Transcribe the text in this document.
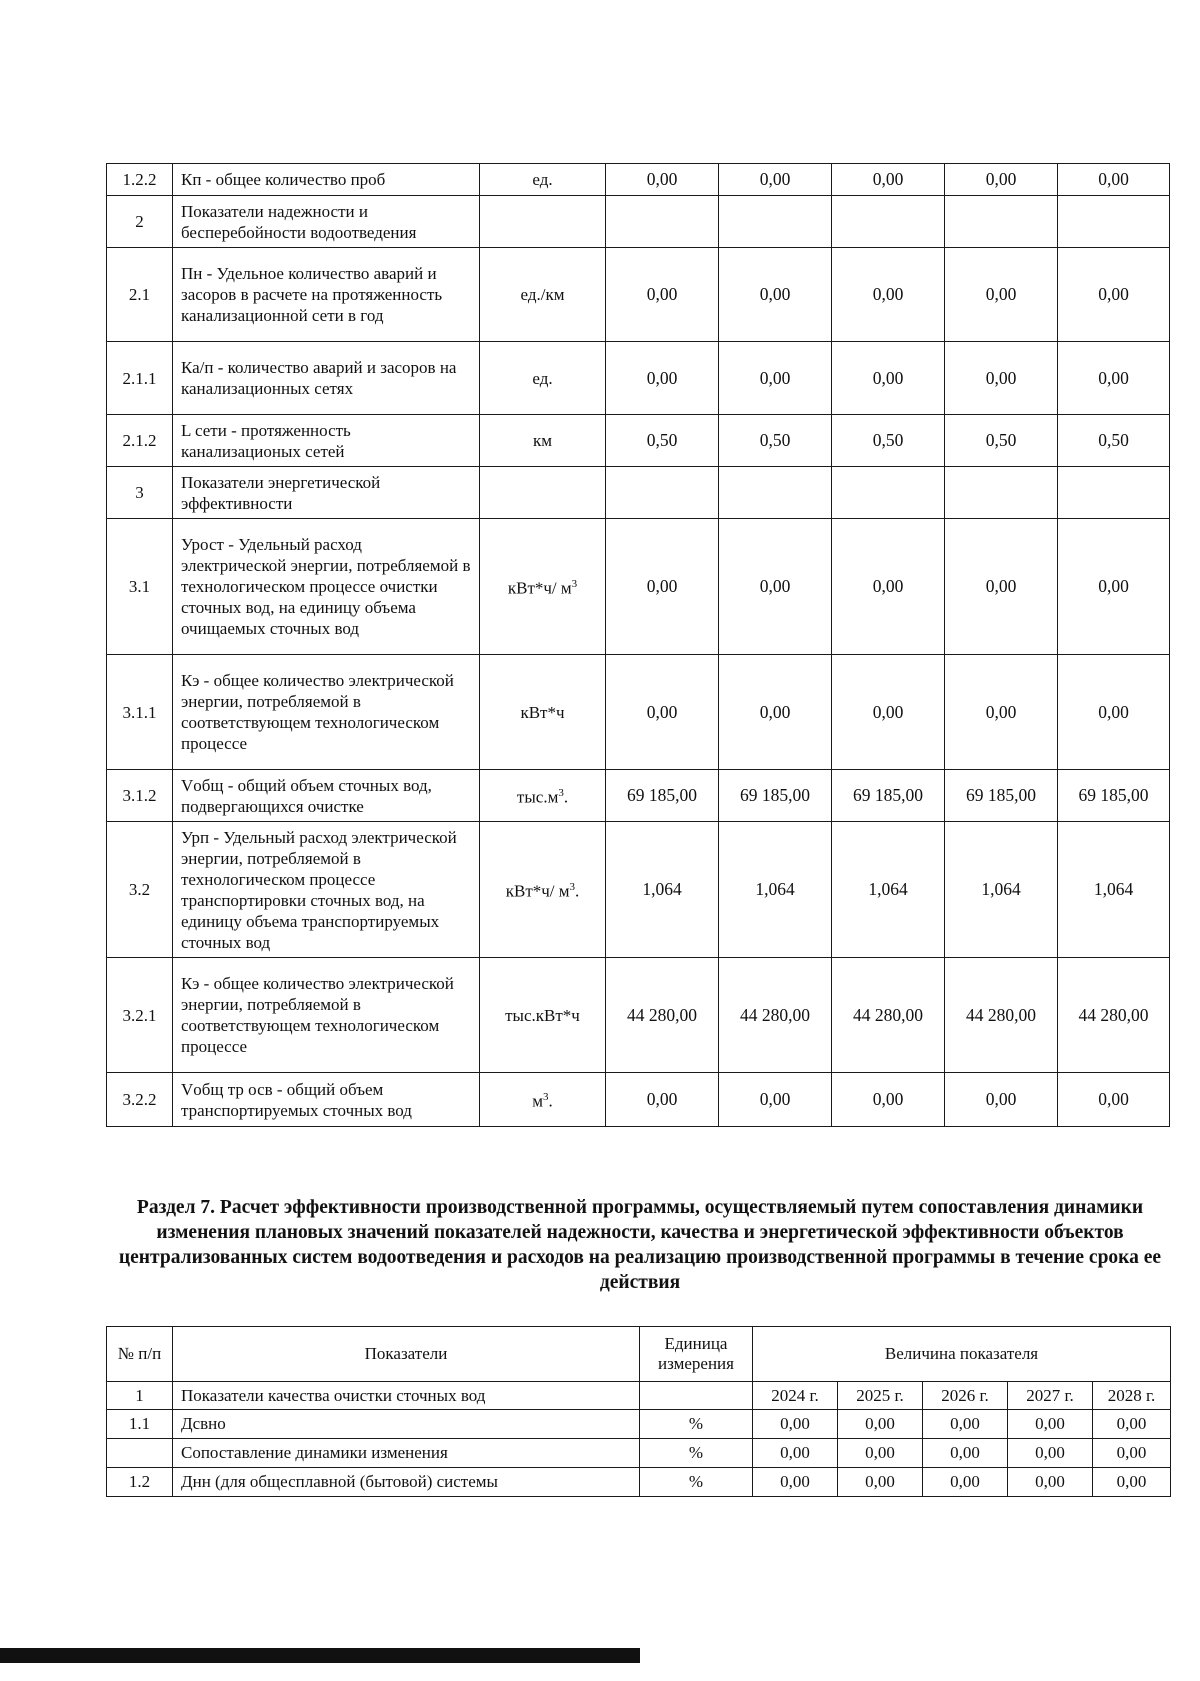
1.2.2	Кп - общее количество проб	ед.	0,00	0,00	0,00	0,00	0,00
2	Показатели надежности и бесперебойности водоотведения						
2.1	Пн - Удельное количество аварий и засоров в расчете на протяженность канализационной сети в год	ед./км	0,00	0,00	0,00	0,00	0,00
2.1.1	Ка/п - количество аварий и засоров на канализационных сетях	ед.	0,00	0,00	0,00	0,00	0,00
2.1.2	L сети - протяженность канализационых сетей	км	0,50	0,50	0,50	0,50	0,50
3	Показатели энергетической эффективности						
3.1	Урост - Удельный расход электрической энергии, потребляемой в технологическом процессе очистки сточных вод, на единицу объема очищаемых сточных вод	кВт*ч/ $м^3$	0,00	0,00	0,00	0,00	0,00
3.1.1	Кэ - общее количество электрической энергии, потребляемой в соответствующем технологическом процессе	кВт*ч	0,00	0,00	0,00	0,00	0,00
3.1.2	Vобщ - общий объем сточных вод, подвергающихся очистке	$тыс.м^3$.	69 185,00	69 185,00	69 185,00	69 185,00	69 185,00
3.2	Урп - Удельный расход электрической энергии, потребляемой в технологическом процессе транспортировки сточных вод, на единицу объема транспортируемых сточных вод	кВт*ч/ $м^3$.	1,064	1,064	1,064	1,064	1,064
3.2.1	Кэ - общее количество электрической энергии, потребляемой в соответствующем технологическом процессе	тыс.кВт*ч	44 280,00	44 280,00	44 280,00	44 280,00	44 280,00
3.2.2	Vобщ тр осв - общий объем транспортируемых сточных вод	$м^3$.	0,00	0,00	0,00	0,00	0,00
Раздел 7. Расчет эффективности производственной программы, осуществляемый путем сопоставления динамики изменения плановых значений показателей надежности, качества и энергетической эффективности объектов централизованных систем водоотведения и расходов на реализацию производственной программы в течение срока ее действия
№ п/п	Показатели	Единица измерения	Величина показателя				
1	Показатели качества очистки сточных вод		2024 г.	2025 г.	2026 г.	2027 г.	2028 г.
1.1	Дсвно	%	0,00	0,00	0,00	0,00	0,00
	Сопоставление динамики изменения	%	0,00	0,00	0,00	0,00	0,00
1.2	Днн (для общесплавной (бытовой) системы	%	0,00	0,00	0,00	0,00	0,00
